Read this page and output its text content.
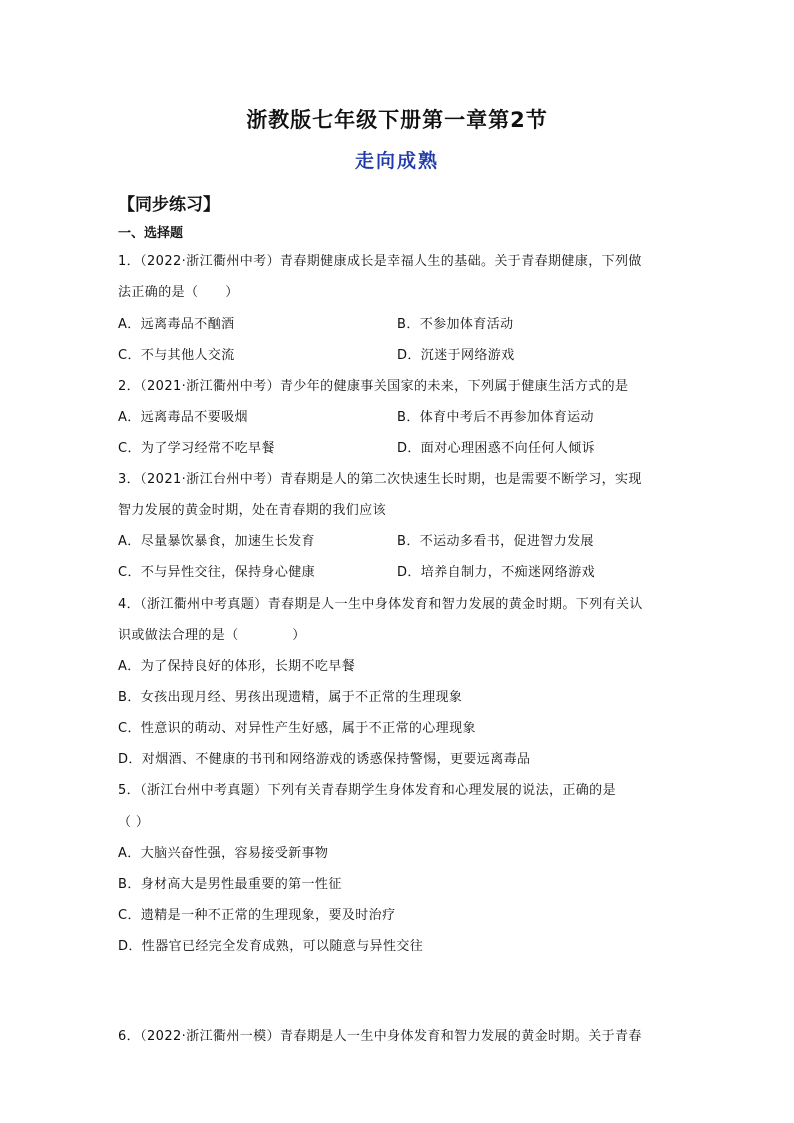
浙教版七年级下册第一章第2节
走向成熟
【同步练习】
一、选择题
1．（2022·浙江衢州中考）青春期健康成长是幸福人生的基础。关于青春期健康，下列做
法正确的是（　　）
A．远离毒品不酗酒	B．不参加体育活动
C．不与其他人交流	D．沉迷于网络游戏
2．（2021·浙江衢州中考）青少年的健康事关国家的未来，下列属于健康生活方式的是
A．远离毒品不要吸烟	B．体育中考后不再参加体育运动
C．为了学习经常不吃早餐	D．面对心理困惑不向任何人倾诉
3．（2021·浙江台州中考）青春期是人的第二次快速生长时期，也是需要不断学习，实现
智力发展的黄金时期，处在青春期的我们应该
A．尽量暴饮暴食，加速生长发育	B．不运动多看书，促进智力发展
C．不与异性交往，保持身心健康	D．培养自制力，不痴迷网络游戏
4．（浙江衢州中考真题）青春期是人一生中身体发育和智力发展的黄金时期。下列有关认
识或做法合理的是（　　　　）
A．为了保持良好的体形，长期不吃早餐
B．女孩出现月经、男孩出现遗精，属于不正常的生理现象
C．性意识的萌动、对异性产生好感，属于不正常的心理现象
D．对烟酒、不健康的书刊和网络游戏的诱惑保持警惕，更要远离毒品
5．（浙江台州中考真题）下列有关青春期学生身体发育和心理发展的说法，正确的是
（ ）
A．大脑兴奋性强，容易接受新事物
B．身材高大是男性最重要的第一性征
C．遗精是一种不正常的生理现象，要及时治疗
D．性器官已经完全发育成熟，可以随意与异性交往
6．（2022·浙江衢州一模）青春期是人一生中身体发育和智力发展的黄金时期。关于青春
